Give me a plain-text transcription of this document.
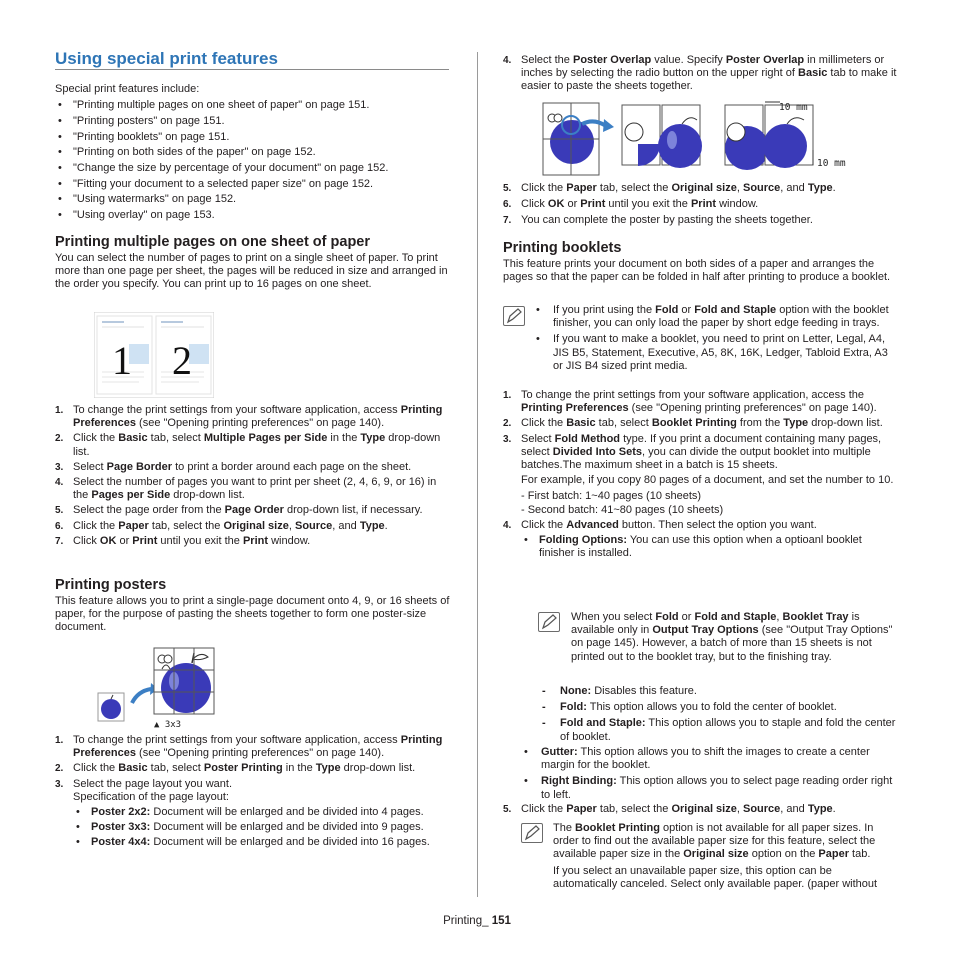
Using special print features

Special print features include:

• "Printing multiple pages on one sheet of paper" on page 151.
• "Printing posters" on page 151.
• "Printing booklets" on page 151.
• "Printing on both sides of the paper" on page 152.
• "Change the size by percentage of your document" on page 152.
• "Fitting your document to a selected paper size" on page 152.
• "Using watermarks" on page 152.
• "Using overlay" on page 153.

Printing multiple pages on one sheet of paper

You can select the number of pages to print on a single sheet of paper. To print more than one page per sheet, the pages will be reduced in size and arranged in the order you specify. You can print up to 16 pages on one sheet.

1 2
1. To change the print settings from your software application, access Printing Preferences (see "Opening printing preferences" on page 140).
2. Click the Basic tab, select Multiple Pages per Side in the Type drop-down list.
3. Select Page Border to print a border around each page on the sheet.
4. Select the number of pages you want to print per sheet (2, 4, 6, 9, or 16) in the Pages per Side drop-down list.
5. Select the page order from the Page Order drop-down list, if necessary.
6. Click the Paper tab, select the Original size, Source, and Type.
7. Click OK or Print until you exit the Print window.

Printing posters

This feature allows you to print a single-page document onto 4, 9, or 16 sheets of paper, for the purpose of pasting the sheets together to form one poster-size document.

▲ 3x3
1. To change the print settings from your software application, access Printing Preferences (see "Opening printing preferences" on page 140).
2. Click the Basic tab, select Poster Printing in the Type drop-down list.
3. Select the page layout you want.
Specification of the page layout:
• Poster 2x2: Document will be enlarged and be divided into 4 pages.
• Poster 3x3: Document will be enlarged and be divided into 9 pages.
• Poster 4x4: Document will be enlarged and be divided into 16 pages.
4. Select the Poster Overlap value. Specify Poster Overlap in millimeters or inches by selecting the radio button on the upper right of Basic tab to make it easier to paste the sheets together.
10 mm
10 mm
5. Click the Paper tab, select the Original size, Source, and Type.
6. Click OK or Print until you exit the Print window.
7. You can complete the poster by pasting the sheets together.

Printing booklets

This feature prints your document on both sides of a paper and arranges the pages so that the paper can be folded in half after printing to produce a booklet.

• If you print using the Fold or Fold and Staple option with the booklet finisher, you can only load the paper by short edge feeding in trays.
• If you want to make a booklet, you need to print on Letter, Legal, A4, JIS B5, Statement, Executive, A5, 8K, 16K, Ledger, Tabloid Extra, A3 or JIS B4 sized print media.
1. To change the print settings from your software application, access the Printing Preferences (see "Opening printing preferences" on page 140).
2. Click the Basic tab, select Booklet Printing from the Type drop-down list.
3. Select Fold Method type. If you print a document containing many pages, select Divided Into Sets, you can divide the output booklet into multiple batches.The maximum sheet in a batch is 15 sheets.

For example, if you copy 80 pages of a document, and set the number to 10.

- First batch: 1~40 pages (10 sheets)

- Second batch: 41~80 pages (10 sheets)

4. Click the Advanced button. Then select the option you want.
• Folding Options: You can use this option when a optioanl booklet finisher is installed.
When you select Fold or Fold and Staple, Booklet Tray is available only in Output Tray Options (see "Output Tray Options" on page 145). However, a batch of more than 15 sheets is not printed out to the booklet tray, but to the finishing tray.
- None: Disables this feature.
- Fold: This option allows you to fold the center of booklet.
- Fold and Staple: This option allows you to staple and fold the center of booklet.
• Gutter: This option allows you to shift the images to create a center margin for the booklet.
• Right Binding: This option allows you to select page reading order right to left.
5. Click the Paper tab, select the Original size, Source, and Type.

The Booklet Printing option is not available for all paper sizes. In order to find out the available paper size for this feature, select the available paper size in the Original size option on the Paper tab.

If you select an unavailable paper size, this option can be automatically canceled. Select only available paper. (paper without

Printing_ 151
